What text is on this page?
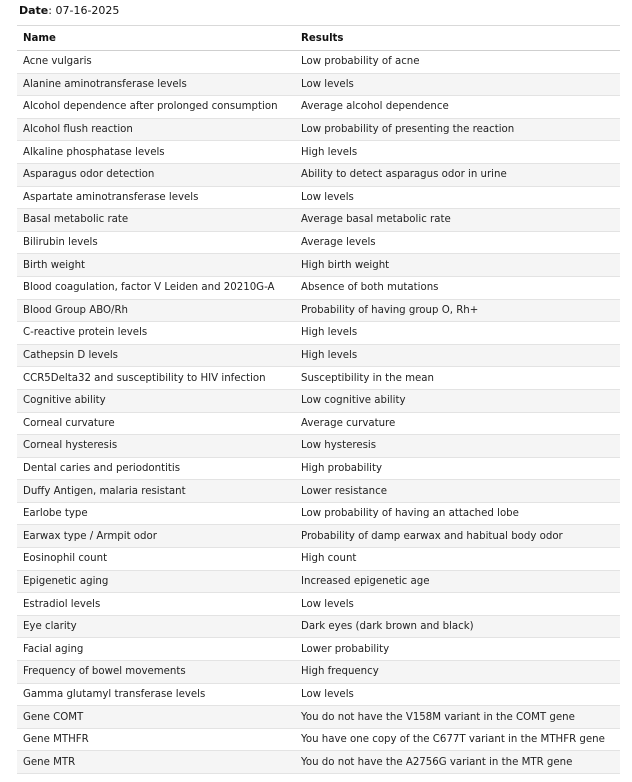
Date: 07-16-2025
Name	Results
Acne vulgaris	Low probability of acne
Alanine aminotransferase levels	Low levels
Alcohol dependence after prolonged consumption	Average alcohol dependence
Alcohol flush reaction	Low probability of presenting the reaction
Alkaline phosphatase levels	High levels
Asparagus odor detection	Ability to detect asparagus odor in urine
Aspartate aminotransferase levels	Low levels
Basal metabolic rate	Average basal metabolic rate
Bilirubin levels	Average levels
Birth weight	High birth weight
Blood coagulation, factor V Leiden and 20210G-A	Absence of both mutations
Blood Group ABO/Rh	Probability of having group O, Rh+
C-reactive protein levels	High levels
Cathepsin D levels	High levels
CCR5Delta32 and susceptibility to HIV infection	Susceptibility in the mean
Cognitive ability	Low cognitive ability
Corneal curvature	Average curvature
Corneal hysteresis	Low hysteresis
Dental caries and periodontitis	High probability
Duffy Antigen, malaria resistant	Lower resistance
Earlobe type	Low probability of having an attached lobe
Earwax type / Armpit odor	Probability of damp earwax and habitual body odor
Eosinophil count	High count
Epigenetic aging	Increased epigenetic age
Estradiol levels	Low levels
Eye clarity	Dark eyes (dark brown and black)
Facial aging	Lower probability
Frequency of bowel movements	High frequency
Gamma glutamyl transferase levels	Low levels
Gene COMT	You do not have the V158M variant in the COMT gene
Gene MTHFR	You have one copy of the C677T variant in the MTHFR gene
Gene MTR	You do not have the A2756G variant in the MTR gene
